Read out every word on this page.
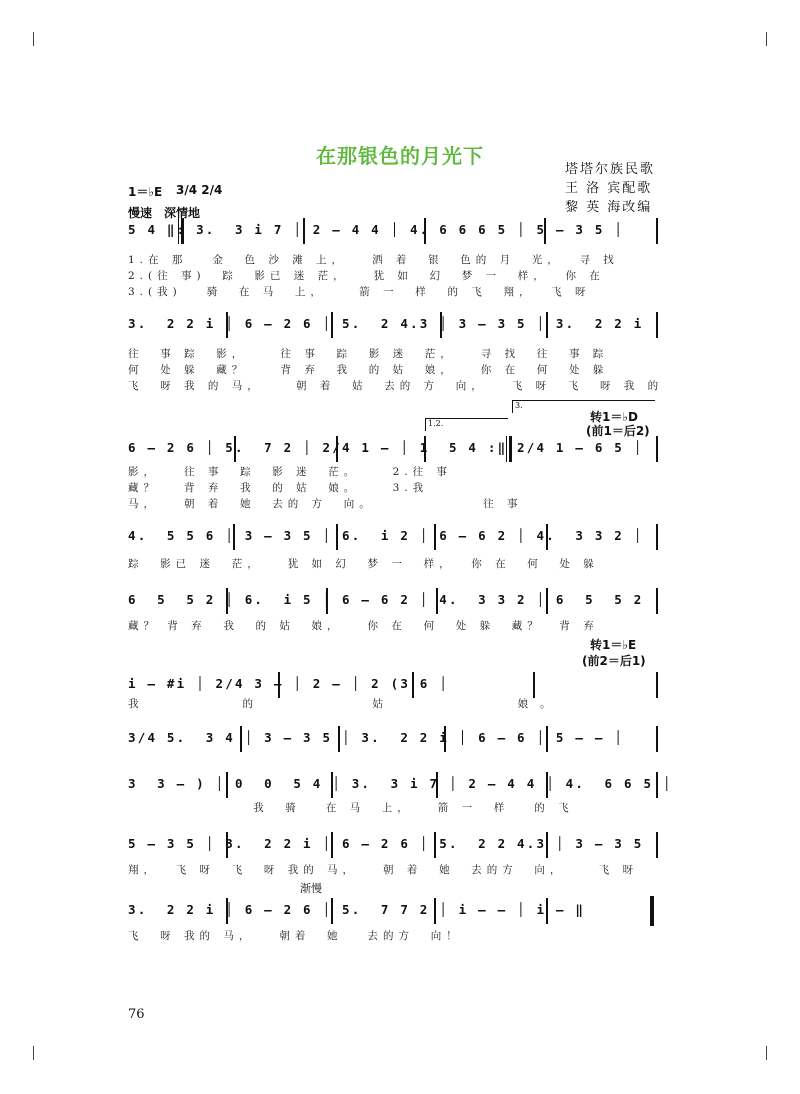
在那银色的月光下
塔塔尔族民歌
王 洛 宾配歌
黎 英 海改编
1＝♭E 3/4 2/4
慢速　深情地
5 4 ‖: 3.  3 i 7 │ 2 – 4 4 │ 4. 6 6 6 5 │ 5 – 3 5 │
1.在 那   金  色 沙 滩 上，   洒 着  银  色的 月  光，  寻 找
2.(往 事)  踪  影已 迷 茫，   犹 如  幻  梦 一  样，  你 在
3.(我)   骑  在 马  上，    箭 一  样  的 飞  翔，  飞 呀
3.  2 2 i │ 6 – 2 6 │ 5.  2 4.3 │ 3 – 3 5 │ 3.  2 2 i │
往  事 踪  影，    往 事  踪  影 迷  茫，   寻 找  往  事 踪
何  处 躲  藏？    背 弃  我  的 姑  娘，   你 在  何  处 躲
飞  呀 我 的 马，    朝 着  姑  去的 方  向，   飞 呀  飞  呀 我 的
1.2.
3.
转1＝♭D
(前1＝后2)
6 – 2 6 │ 5.  7 2 │ 2/4 1 – │ 1  5 4 :‖ 2/4 1 – 6 5 │
影，   往 事  踪  影 迷  茫。    2.往 事
藏？   背 弃  我  的 姑  娘。    3.我
马，   朝 着  她  去的 方  向。             往 事
4.  5 5 6 │ 3 – 3 5 │ 6.  i 2 │ 6 – 6 2 │ 4.  3 3 2 │
踪  影已 迷  茫，   犹 如 幻  梦 一  样，  你 在  何  处 躲
6  5  5 2 │ 6.  i 5 │ 6 – 6 2 │ 4.  3 3 2 │ 6  5  5 2 │
藏？ 背 弃  我  的 姑  娘，   你 在  何  处 躲  藏？  背 弃
转1＝♭E
(前2＝后1)
i – #i │ 2/4 3 – │ 2 – │ 2 (3 6 │
我      的       姑        娘。
3/4 5.  3 4 │ 3 – 3 5 │ 3.  2 2 i │ 6 – 6 │ 5 – – │
3  3 – ) │ 0  0  5 4 │ 3.  3 i 7 │ 2 – 4 4 │ 4.  6 6 5 │
我  骑   在 马  上，   箭 一  样   的 飞
5 – 3 5 │ 3.  2 2 i │ 6 – 2 6 │ 5.  2 2 4.3 │ 3 – 3 5 │
翔，  飞 呀  飞  呀 我的 马，   朝 着  她  去的方  向，    飞 呀
渐慢
3.  2 2 i │ 6 – 2 6 │ 5.  7 7 2 │ i – – │ i – ‖
飞  呀 我的 马，   朝着  她   去的方  向！
76
